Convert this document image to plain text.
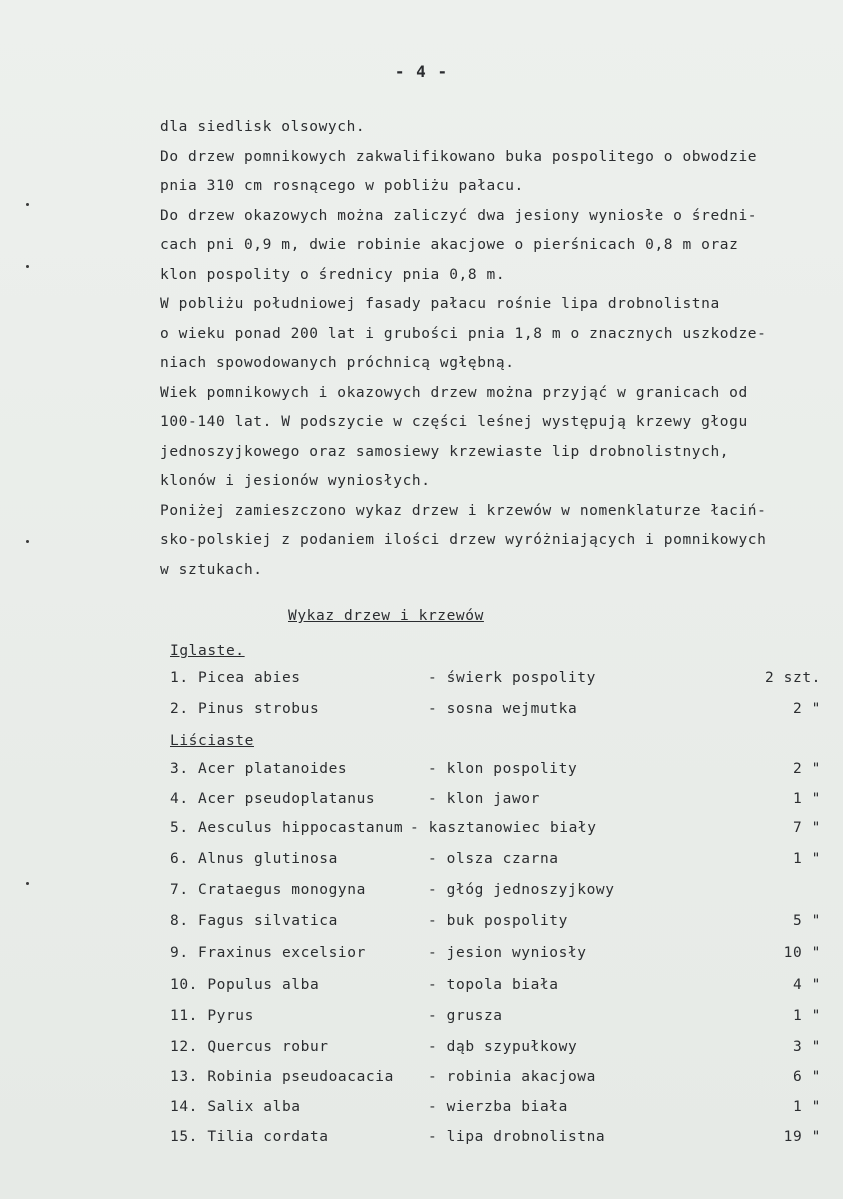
- 4 -
dla siedlisk olsowych.
Do drzew pomnikowych zakwalifikowano buka pospolitego o obwodzie
pnia 310 cm rosnącego w pobliżu pałacu.
Do drzew okazowych można zaliczyć dwa jesiony wyniosłe o średni-
cach pni 0,9 m, dwie robinie akacjowe o pierśnicach 0,8 m oraz
klon pospolity o średnicy pnia 0,8 m.
W pobliżu południowej fasady pałacu rośnie lipa drobnolistna
o wieku ponad 200 lat i grubości pnia 1,8 m o znacznych uszkodze-
niach spowodowanych próchnicą wgłębną.
Wiek pomnikowych i okazowych drzew można przyjąć w granicach od
100-140 lat. W podszycie w części leśnej występują krzewy głogu
jednoszyjkowego oraz samosiewy krzewiaste lip drobnolistnych,
klonów i jesionów wyniosłych.
Poniżej zamieszczono wykaz drzew i krzewów w nomenklaturze łaciń-
sko-polskiej z podaniem ilości drzew wyróżniających i pomnikowych
w sztukach.
Wykaz drzew i krzewów
Iglaste.
1. Picea abies	- świerk pospolity	2 szt.
2. Pinus strobus	- sosna wejmutka	2 "
Liściaste
3. Acer platanoides	- klon pospolity	2 "
4. Acer pseudoplatanus	- klon jawor	1 "
5. Aesculus hippocastanum - kasztanowiec biały	7 "
6. Alnus glutinosa	- olsza czarna	1 "
7. Crataegus monogyna	- głóg jednoszyjkowy
8. Fagus silvatica	- buk pospolity	5 "
9. Fraxinus excelsior	- jesion wyniosły	10 "
10. Populus alba	- topola biała	4 "
11. Pyrus	- grusza	1 "
12. Quercus robur	- dąb szypułkowy	3 "
13. Robinia pseudoacacia - robinia akacjowa	6 "
14. Salix alba	- wierzba biała	1 "
15. Tilia cordata	- lipa drobnolistna	19 "
